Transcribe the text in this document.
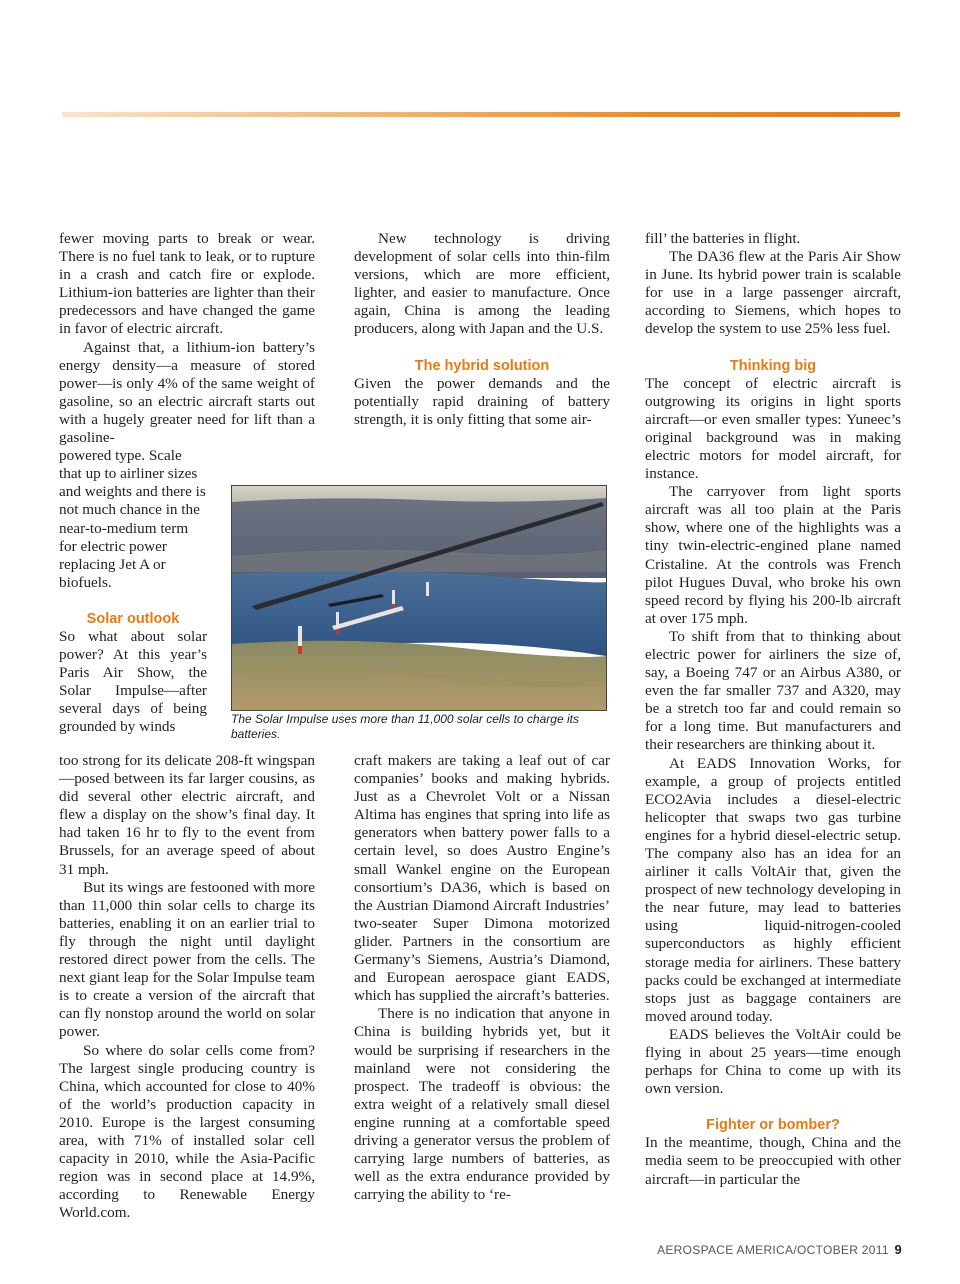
fewer moving parts to break or wear. There is no fuel tank to leak, or to rupture in a crash and catch fire or explode. Lithium-ion batteries are lighter than their predecessors and have changed the game in favor of electric aircraft.

Against that, a lithium-ion battery’s energy density—a measure of stored power—is only 4% of the same weight of gasoline, so an electric aircraft starts out with a hugely greater need for lift than a gasoline-

powered type. Scale that up to airliner sizes and weights and there is not much chance in the near-to-medium term for electric power replacing Jet A or biofuels.

Solar outlook

So what about solar power? At this year’s Paris Air Show, the Solar Impulse—after several days of being grounded by winds

too strong for its delicate 208-ft wingspan—posed between its far larger cousins, as did several other electric aircraft, and flew a display on the show’s final day. It had taken 16 hr to fly to the event from Brussels, for an average speed of about 31 mph.

But its wings are festooned with more than 11,000 thin solar cells to charge its batteries, enabling it on an earlier trial to fly through the night until daylight restored direct power from the cells. The next giant leap for the Solar Impulse team is to create a version of the aircraft that can fly nonstop around the world on solar power.

So where do solar cells come from? The largest single producing country is China, which accounted for close to 40% of the world’s production capacity in 2010. Europe is the largest consuming area, with 71% of installed solar cell capacity in 2010, while the Asia-Pacific region was in second place at 14.9%, according to Renewable Energy World.com.

New technology is driving development of solar cells into thin-film versions, which are more efficient, lighter, and easier to manufacture. Once again, China is among the leading producers, along with Japan and the U.S.

The hybrid solution

Given the power demands and the potentially rapid draining of battery strength, it is only fitting that some air-

The Solar Impulse uses more than 11,000 solar cells to charge its batteries.

craft makers are taking a leaf out of car companies’ books and making hybrids. Just as a Chevrolet Volt or a Nissan Altima has engines that spring into life as generators when battery power falls to a certain level, so does Austro Engine’s small Wankel engine on the European consortium’s DA36, which is based on the Austrian Diamond Aircraft Industries’ two-seater Super Dimona motorized glider. Partners in the consortium are Germany’s Siemens, Austria’s Diamond, and European aerospace giant EADS, which has supplied the aircraft’s batteries.

There is no indication that anyone in China is building hybrids yet, but it would be surprising if researchers in the mainland were not considering the prospect. The tradeoff is obvious: the extra weight of a relatively small diesel engine running at a comfortable speed driving a generator versus the problem of carrying large numbers of batteries, as well as the extra endurance provided by carrying the ability to ‘re-

fill’ the batteries in flight.

The DA36 flew at the Paris Air Show in June. Its hybrid power train is scalable for use in a large passenger aircraft, according to Siemens, which hopes to develop the system to use 25% less fuel.

Thinking big

The concept of electric aircraft is outgrowing its origins in light sports aircraft—or even smaller types: Yuneec’s original background was in making electric motors for model aircraft, for instance.

The carryover from light sports aircraft was all too plain at the Paris show, where one of the highlights was a tiny twin-electric-engined plane named Cristaline. At the controls was French pilot Hugues Duval, who broke his own speed record by flying his 200-lb aircraft at over 175 mph.

To shift from that to thinking about electric power for airliners the size of, say, a Boeing 747 or an Airbus A380, or even the far smaller 737 and A320, may be a stretch too far and could remain so for a long time. But manufacturers and their researchers are thinking about it.

At EADS Innovation Works, for example, a group of projects entitled ECO2Avia includes a diesel-electric helicopter that swaps two gas turbine engines for a hybrid diesel-electric setup. The company also has an idea for an airliner it calls VoltAir that, given the prospect of new technology developing in the near future, may lead to batteries using liquid-nitrogen-cooled superconductors as highly efficient storage media for airliners. These battery packs could be exchanged at intermediate stops just as baggage containers are moved around today.

EADS believes the VoltAir could be flying in about 25 years—time enough perhaps for China to come up with its own version.

Fighter or bomber?

In the meantime, though, China and the media seem to be preoccupied with other aircraft—in particular the

AEROSPACE AMERICA/OCTOBER 2011 9
